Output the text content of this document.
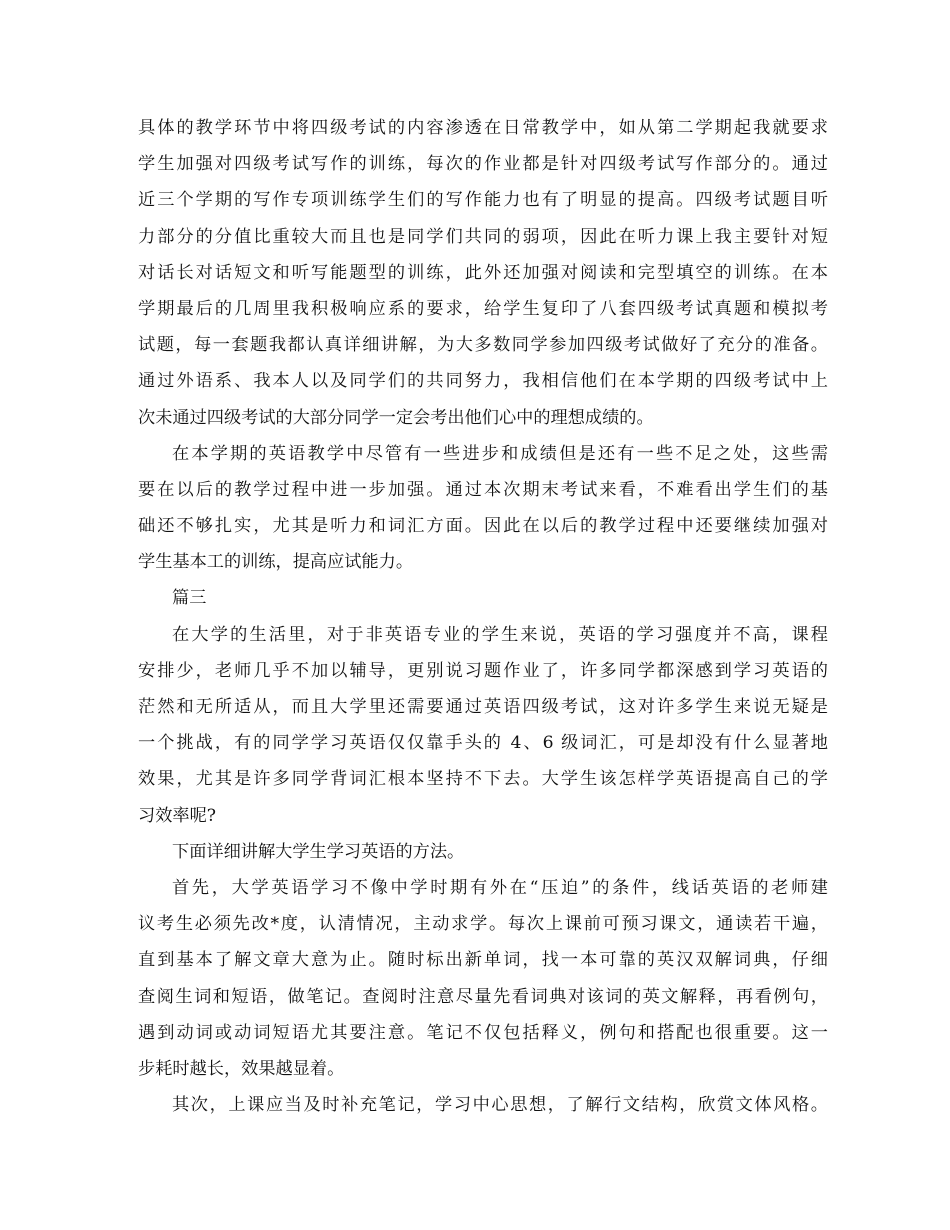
具体的教学环节中将四级考试的内容渗透在日常教学中，如从第二学期起我就要求
学生加强对四级考试写作的训练，每次的作业都是针对四级考试写作部分的。通过
近三个学期的写作专项训练学生们的写作能力也有了明显的提高。四级考试题目听
力部分的分值比重较大而且也是同学们共同的弱项，因此在听力课上我主要针对短
对话长对话短文和听写能题型的训练，此外还加强对阅读和完型填空的训练。在本
学期最后的几周里我积极响应系的要求，给学生复印了八套四级考试真题和模拟考
试题，每一套题我都认真详细讲解，为大多数同学参加四级考试做好了充分的准备。
通过外语系、我本人以及同学们的共同努力，我相信他们在本学期的四级考试中上
次未通过四级考试的大部分同学一定会考出他们心中的理想成绩的。
在本学期的英语教学中尽管有一些进步和成绩但是还有一些不足之处，这些需
要在以后的教学过程中进一步加强。通过本次期末考试来看，不难看出学生们的基
础还不够扎实，尤其是听力和词汇方面。因此在以后的教学过程中还要继续加强对
学生基本工的训练，提高应试能力。
篇三
在大学的生活里，对于非英语专业的学生来说，英语的学习强度并不高，课程
安排少，老师几乎不加以辅导，更别说习题作业了，许多同学都深感到学习英语的
茫然和无所适从，而且大学里还需要通过英语四级考试，这对许多学生来说无疑是
一个挑战，有的同学学习英语仅仅靠手头的 4、6 级词汇，可是却没有什么显著地
效果，尤其是许多同学背词汇根本坚持不下去。大学生该怎样学英语提高自己的学
习效率呢?
下面详细讲解大学生学习英语的方法。
首先，大学英语学习不像中学时期有外在“压迫”的条件，线话英语的老师建
议考生必须先改*度，认清情况，主动求学。每次上课前可预习课文，通读若干遍，
直到基本了解文章大意为止。随时标出新单词，找一本可靠的英汉双解词典，仔细
查阅生词和短语，做笔记。查阅时注意尽量先看词典对该词的英文解释，再看例句，
遇到动词或动词短语尤其要注意。笔记不仅包括释义，例句和搭配也很重要。这一
步耗时越长，效果越显着。
其次，上课应当及时补充笔记，学习中心思想，了解行文结构，欣赏文体风格。
